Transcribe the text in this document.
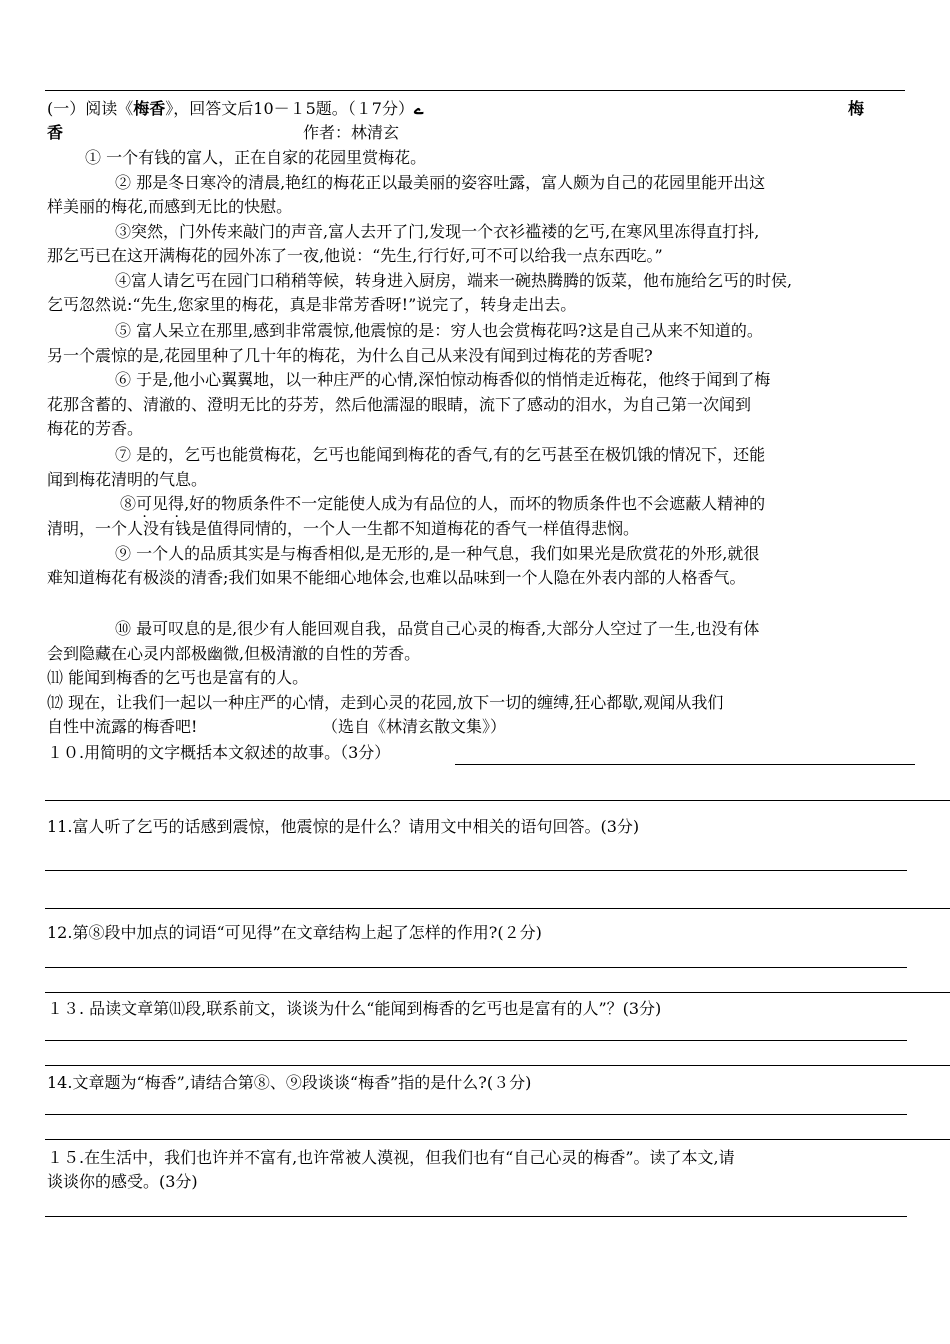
(一）阅读《梅香》，回答文后10－１5题。（１7分）ے	梅
香	作者：林清玄
① 一个有钱的富人，正在自家的花园里赏梅花。
② 那是冬日寒冷的清晨,艳红的梅花正以最美丽的姿容吐露，富人颇为自己的花园里能开出这
样美丽的梅花,而感到无比的快慰。
③突然，门外传来敲门的声音,富人去开了门,发现一个衣衫褴褛的乞丐,在寒风里冻得直打抖,
那乞丐已在这开满梅花的园外冻了一夜,他说：“先生,行行好,可不可以给我一点东西吃。”
④富人请乞丐在园门口稍稍等候，转身进入厨房，端来一碗热腾腾的饭菜，他布施给乞丐的时侯,
乞丐忽然说:“先生,您家里的梅花，真是非常芳香呀!”说完了，转身走出去。
⑤ 富人呆立在那里,感到非常震惊,他震惊的是：穷人也会赏梅花吗?这是自己从来不知道的。
另一个震惊的是,花园里种了几十年的梅花，为什么自己从来没有闻到过梅花的芳香呢?
⑥ 于是,他小心翼翼地，以一种庄严的心情,深怕惊动梅香似的悄悄走近梅花，他终于闻到了梅
花那含蓄的、清澈的、澄明无比的芬芳，然后他濡湿的眼睛，流下了感动的泪水，为自己第一次闻到
梅花的芳香。
⑦ 是的，乞丐也能赏梅花，乞丐也能闻到梅花的香气,有的乞丐甚至在极饥饿的情况下，还能
闻到梅花清明的气息。
⑧可见得,好的物质条件不一定能使人成为有品位的人，而坏的物质条件也不会遮蔽人精神的
清明，一个人没有钱是值得同情的，一个人一生都不知道梅花的香气一样值得悲悯。
⑨ 一个人的品质其实是与梅香相似,是无形的,是一种气息，我们如果光是欣赏花的外形,就很
难知道梅花有极淡的清香;我们如果不能细心地体会,也难以品味到一个人隐在外表内部的人格香气。
⑩ 最可叹息的是,很少有人能回观自我，品赏自己心灵的梅香,大部分人空过了一生,也没有体
会到隐藏在心灵内部极幽微,但极清澈的自性的芳香。
⑾ 能闻到梅香的乞丐也是富有的人。
⑿ 现在，让我们一起以一种庄严的心情，走到心灵的花园,放下一切的缠缚,狂心都歇,观闻从我们
自性中流露的梅香吧!	（选自《林清玄散文集》）
１０.用简明的文字概括本文叙述的故事。（3分）
11.富人听了乞丐的话感到震惊，他震惊的是什么？请用文中相关的语句回答。(3分)
12.第⑧段中加点的词语“可见得”在文章结构上起了怎样的作用?(２分)
１３. 品读文章第⑾段,联系前文，谈谈为什么“能闻到梅香的乞丐也是富有的人”？(3分)
14.文章题为“梅香”,请结合第⑧、⑨段谈谈“梅香”指的是什么?(３分)
１５.在生活中，我们也许并不富有,也许常被人漠视，但我们也有“自己心灵的梅香”。读了本文,请
谈谈你的感受。(3分)
